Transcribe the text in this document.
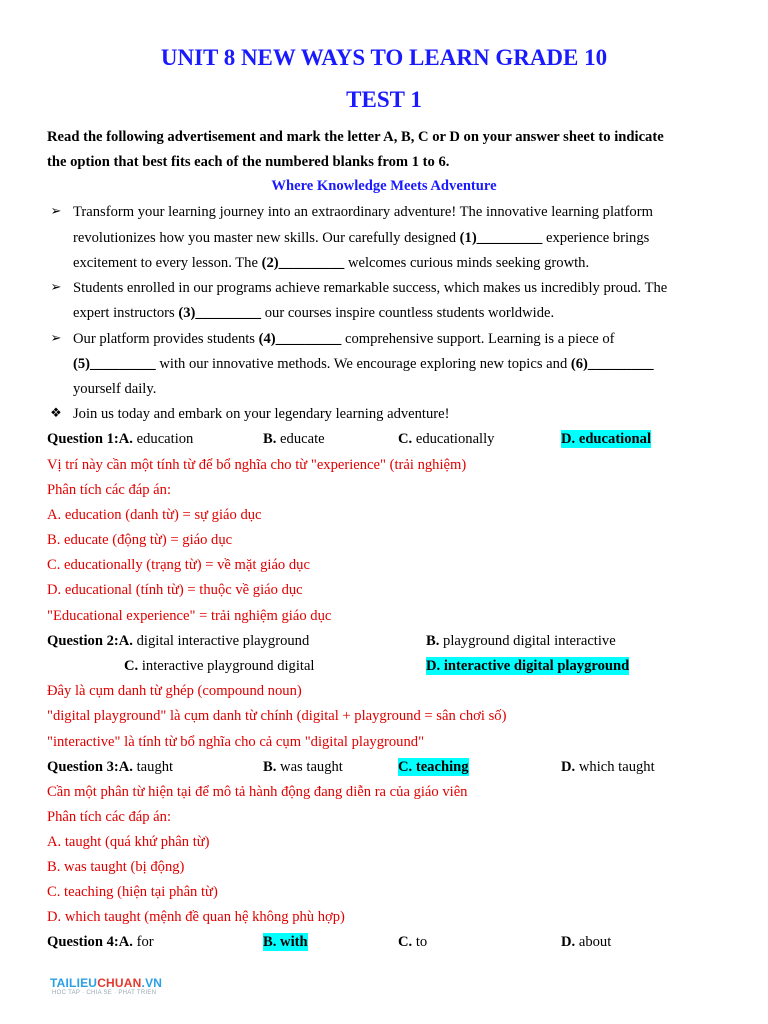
UNIT 8 NEW WAYS TO LEARN GRADE 10
TEST 1
Read the following advertisement and mark the letter A, B, C or D on your answer sheet to indicate
the option that best fits each of the numbered blanks from 1 to 6.
Where Knowledge Meets Adventure
➢ Transform your learning journey into an extraordinary adventure! The innovative learning platform
revolutionizes how you master new skills. Our carefully designed (1)_________ experience brings
excitement to every lesson. The (2)_________ welcomes curious minds seeking growth.
➢ Students enrolled in our programs achieve remarkable success, which makes us incredibly proud. The
expert instructors (3)_________ our courses inspire countless students worldwide.
➢ Our platform provides students (4)_________ comprehensive support. Learning is a piece of
(5)_________ with our innovative methods. We encourage exploring new topics and (6)_________
yourself daily.
❖ Join us today and embark on your legendary learning adventure!
Question 1:A. education	B. educate	C. educationally	D. educational
Vị trí này cần một tính từ để bổ nghĩa cho từ "experience" (trải nghiệm)
Phân tích các đáp án:
A. education (danh từ) = sự giáo dục
B. educate (động từ) = giáo dục
C. educationally (trạng từ) = về mặt giáo dục
D. educational (tính từ) = thuộc về giáo dục
"Educational experience" = trải nghiệm giáo dục
Question 2:A. digital interactive playground	B. playground digital interactive
C. interactive playground digital	D. interactive digital playground
Đây là cụm danh từ ghép (compound noun)
"digital playground" là cụm danh từ chính (digital + playground = sân chơi số)
"interactive" là tính từ bổ nghĩa cho cả cụm "digital playground"
Question 3:A. taught	B. was taught	C. teaching	D. which taught
Cần một phân từ hiện tại để mô tả hành động đang diễn ra của giáo viên
Phân tích các đáp án:
A. taught (quá khứ phân từ)
B. was taught (bị động)
C. teaching (hiện tại phân từ)
D. which taught (mệnh đề quan hệ không phù hợp)
Question 4:A. for	B. with	C. to	D. about
TAILIEUCHUAN.VN
HOC TAP · CHIA SE · PHAT TRIEN
